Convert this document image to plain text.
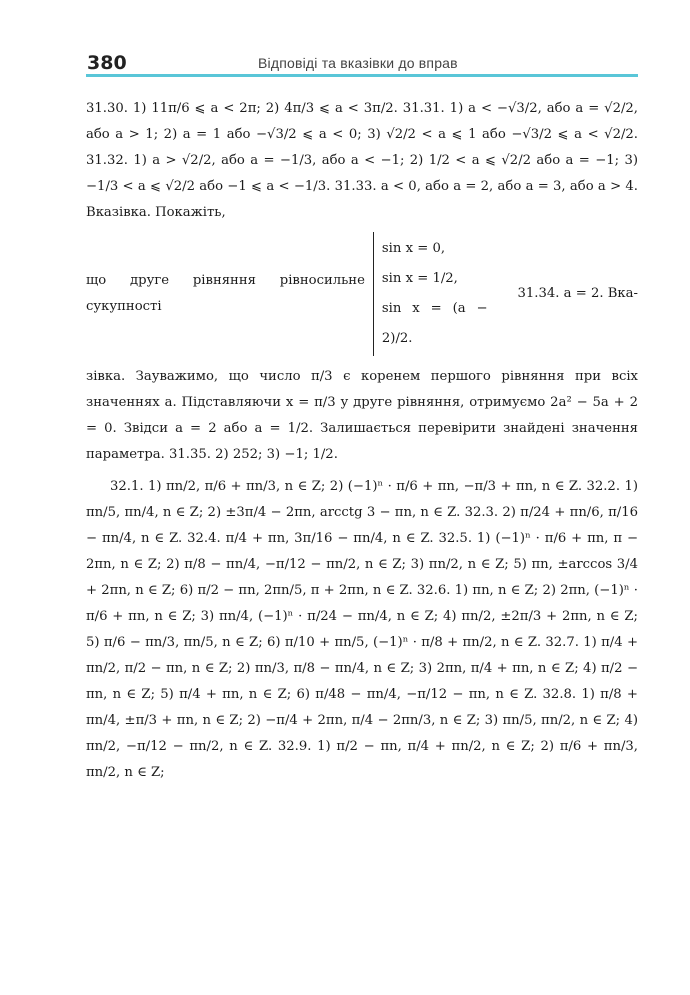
380	Відповіді та вказівки до вправ

31.30. 1) 11π/6 ⩽ a < 2π; 2) 4π/3 ⩽ a < 3π/2. 31.31. 1) a < −√3/2, або a = √2/2, або a > 1; 2) a = 1 або −√3/2 ⩽ a < 0; 3) √2/2 < a ⩽ 1 або −√3/2 ⩽ a < √2/2. 31.32. 1) a > √2/2, або a = −1/3, або a < −1; 2) 1/2 < a ⩽ √2/2 або a = −1; 3) −1/3 < a ⩽ √2/2 або −1 ⩽ a < −1/3. 31.33. a < 0, або a = 2, або a = 3, або a > 4. Вказівка. Покажіть,

що друге рівняння рівносильне сукупності
sin x = 0,
sin x = 1/2,
sin x = (a − 2)/2.
31.34. a = 2. Вка-

зівка. Зауважимо, що число π/3 є коренем першого рівняння при всіх значеннях a. Підставляючи x = π/3 у друге рівняння, отримуємо 2a² − 5a + 2 = 0. Звідси a = 2 або a = 1/2. Залишається перевірити знайдені значення параметра. 31.35. 2) 252; 3) −1; 1/2.

32.1. 1) πn/2, π/6 + πn/3, n ∈ Z; 2) (−1)ⁿ · π/6 + πn, −π/3 + πn, n ∈ Z. 32.2. 1) πn/5, πn/4, n ∈ Z; 2) ±3π/4 − 2πn, arcctg 3 − πn, n ∈ Z. 32.3. 2) π/24 + πn/6, π/16 − πn/4, n ∈ Z. 32.4. π/4 + πn, 3π/16 − πn/4, n ∈ Z. 32.5. 1) (−1)ⁿ · π/6 + πn, π − 2πn, n ∈ Z; 2) π/8 − πn/4, −π/12 − πn/2, n ∈ Z; 3) πn/2, n ∈ Z; 5) πn, ±arccos 3/4 + 2πn, n ∈ Z; 6) π/2 − πn, 2πn/5, π + 2πn, n ∈ Z. 32.6. 1) πn, n ∈ Z; 2) 2πn, (−1)ⁿ · π/6 + πn, n ∈ Z; 3) πn/4, (−1)ⁿ · π/24 − πn/4, n ∈ Z; 4) πn/2, ±2π/3 + 2πn, n ∈ Z; 5) π/6 − πn/3, πn/5, n ∈ Z; 6) π/10 + πn/5, (−1)ⁿ · π/8 + πn/2, n ∈ Z. 32.7. 1) π/4 + πn/2, π/2 − πn, n ∈ Z; 2) πn/3, π/8 − πn/4, n ∈ Z; 3) 2πn, π/4 + πn, n ∈ Z; 4) π/2 − πn, n ∈ Z; 5) π/4 + πn, n ∈ Z; 6) π/48 − πn/4, −π/12 − πn, n ∈ Z. 32.8. 1) π/8 + πn/4, ±π/3 + πn, n ∈ Z; 2) −π/4 + 2πn, π/4 − 2πn/3, n ∈ Z; 3) πn/5, πn/2, n ∈ Z; 4) πn/2, −π/12 − πn/2, n ∈ Z. 32.9. 1) π/2 − πn, π/4 + πn/2, n ∈ Z; 2) π/6 + πn/3, πn/2, n ∈ Z;
